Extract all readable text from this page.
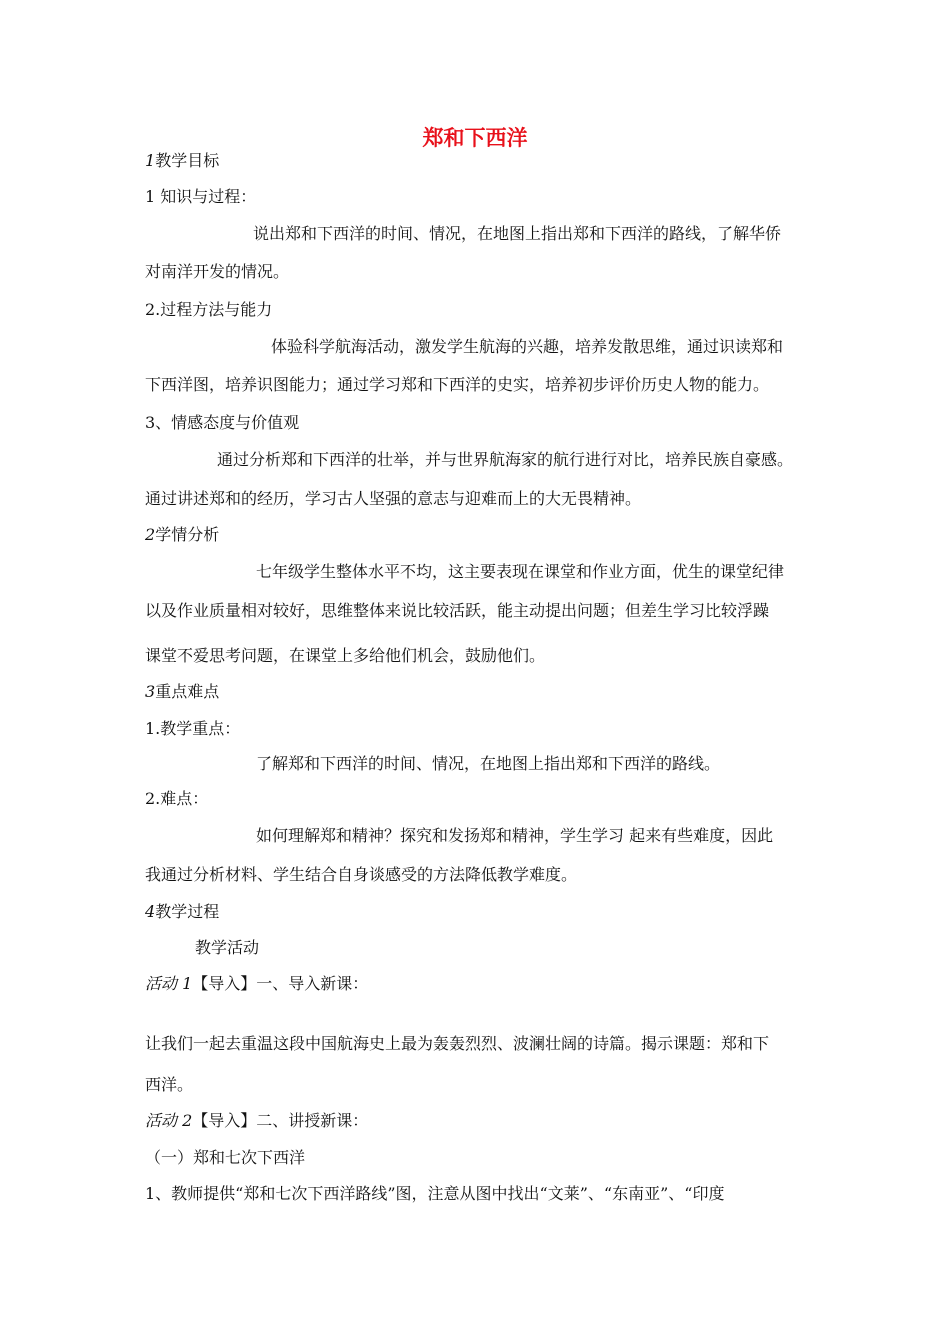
郑和下西洋
1教学目标
1 知识与过程：
说出郑和下西洋的时间、情况，在地图上指出郑和下西洋的路线，了解华侨
对南洋开发的情况。
2.过程方法与能力
体验科学航海活动，激发学生航海的兴趣，培养发散思维，通过识读郑和
下西洋图，培养识图能力；通过学习郑和下西洋的史实，培养初步评价历史人物的能力。
3、情感态度与价值观
通过分析郑和下西洋的壮举，并与世界航海家的航行进行对比，培养民族自豪感。
通过讲述郑和的经历，学习古人坚强的意志与迎难而上的大无畏精神。
2学情分析
七年级学生整体水平不均，这主要表现在课堂和作业方面，优生的课堂纪律
以及作业质量相对较好，思维整体来说比较活跃，能主动提出问题；但差生学习比较浮躁
课堂不爱思考问题，在课堂上多给他们机会，鼓励他们。
3重点难点
1.教学重点：
了解郑和下西洋的时间、情况，在地图上指出郑和下西洋的路线。
2.难点：
如何理解郑和精神？探究和发扬郑和精神，学生学习 起来有些难度，因此
我通过分析材料、学生结合自身谈感受的方法降低教学难度。
4教学过程
教学活动
活动 1【导入】一、导入新课：
让我们一起去重温这段中国航海史上最为轰轰烈烈、波澜壮阔的诗篇。揭示课题：郑和下
西洋。
活动 2【导入】二、讲授新课：
（一）郑和七次下西洋
1、教师提供“郑和七次下西洋路线”图，注意从图中找出“文莱”、“东南亚”、“印度
